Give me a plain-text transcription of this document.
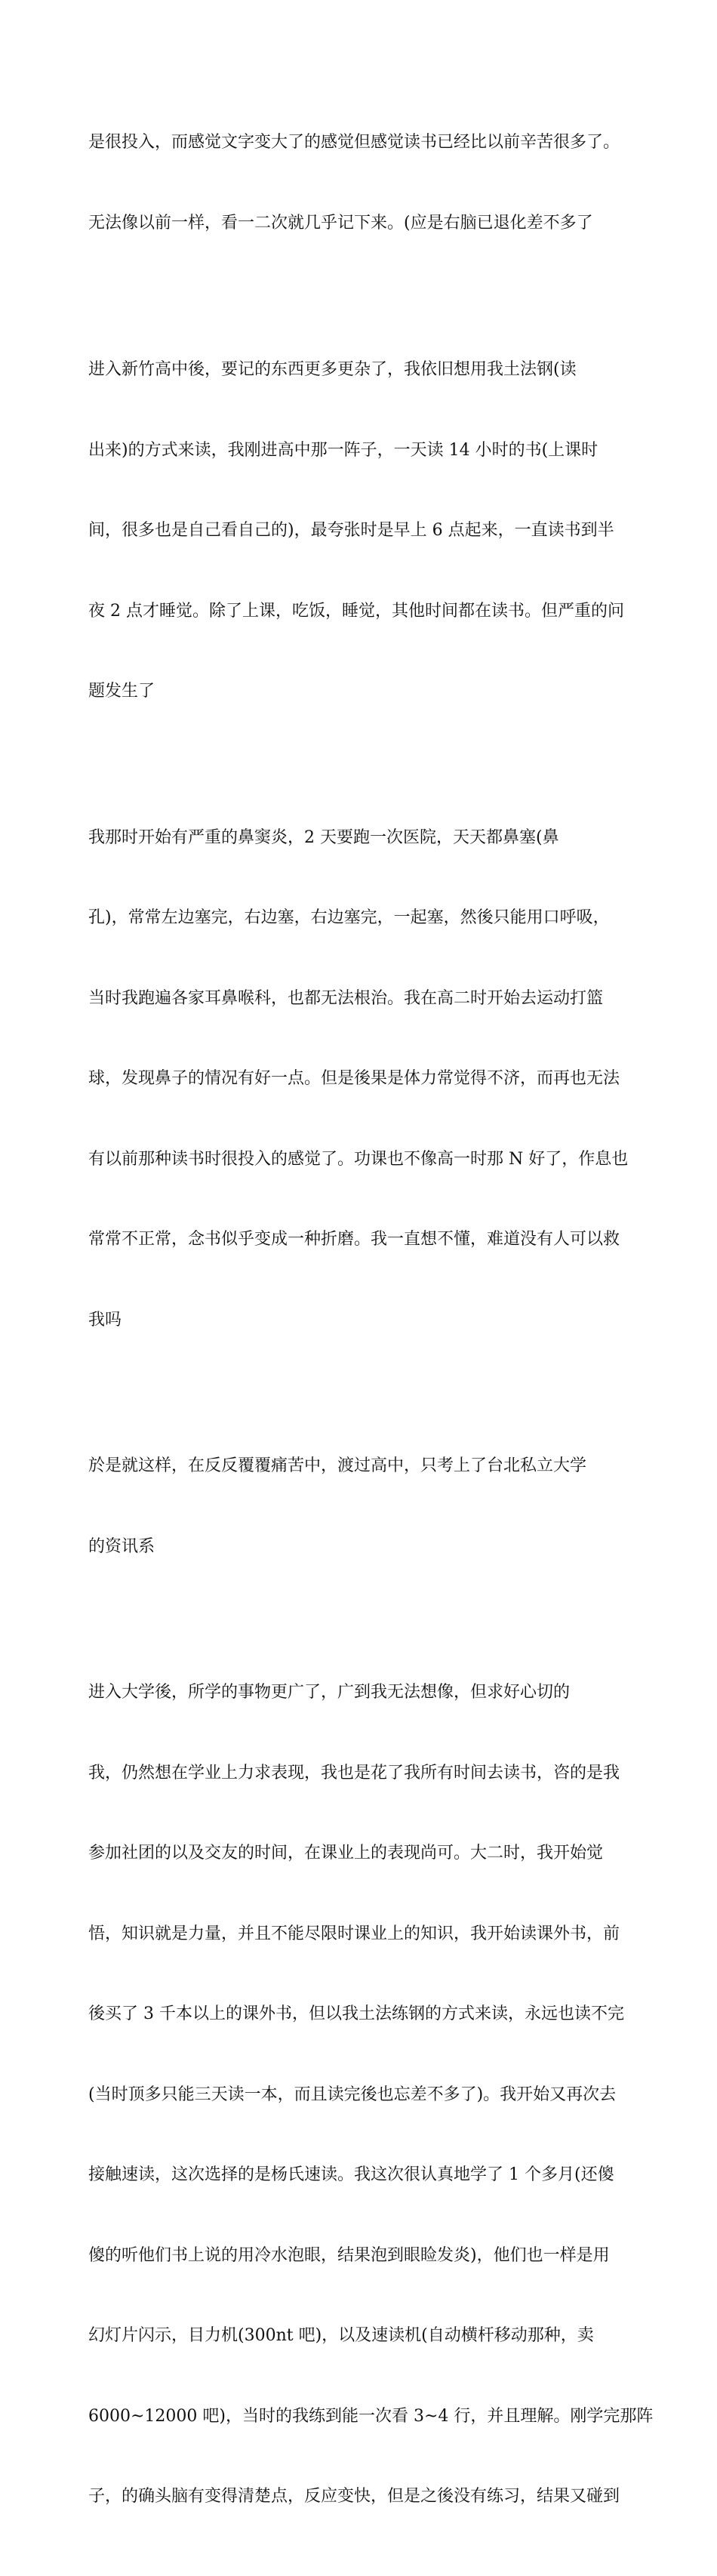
是很投入，而感觉文字变大了的感觉但感觉读书已经比以前辛苦很多了。

无法像以前一样，看一二次就几乎记下来。(应是右脑已退化差不多了

进入新竹高中後，要记的东西更多更杂了，我依旧想用我土法钢(读

出来)的方式来读，我刚进高中那一阵子，一天读 14 小时的书(上课时

间，很多也是自己看自己的)，最夸张时是早上 6 点起来，一直读书到半

夜 2 点才睡觉。除了上课，吃饭，睡觉，其他时间都在读书。但严重的问

题发生了

我那时开始有严重的鼻窦炎，2 天要跑一次医院，天天都鼻塞(鼻

孔)，常常左边塞完，右边塞，右边塞完，一起塞，然後只能用口呼吸，

当时我跑遍各家耳鼻喉科，也都无法根治。我在高二时开始去运动打篮

球，发现鼻子的情况有好一点。但是後果是体力常觉得不济，而再也无法

有以前那种读书时很投入的感觉了。功课也不像高一时那 N 好了，作息也

常常不正常，念书似乎变成一种折磨。我一直想不懂，难道没有人可以救

我吗

於是就这样，在反反覆覆痛苦中，渡过高中，只考上了台北私立大学

的资讯系

进入大学後，所学的事物更广了，广到我无法想像，但求好心切的

我，仍然想在学业上力求表现，我也是花了我所有时间去读书，咨的是我

参加社团的以及交友的时间，在课业上的表现尚可。大二时，我开始觉

悟，知识就是力量，并且不能尽限时课业上的知识，我开始读课外书，前

後买了 3 千本以上的课外书，但以我土法练钢的方式来读，永远也读不完

(当时顶多只能三天读一本，而且读完後也忘差不多了)。我开始又再次去

接触速读，这次选择的是杨氏速读。我这次很认真地学了 1 个多月(还傻

傻的听他们书上说的用冷水泡眼，结果泡到眼睑发炎)，他们也一样是用

幻灯片闪示，目力机(300nt 吧)，以及速读机(自动横杆移动那种，卖

6000~12000 吧)，当时的我练到能一次看 3~4 行，并且理解。刚学完那阵

子，的确头脑有变得清楚点，反应变快，但是之後没有练习，结果又碰到
